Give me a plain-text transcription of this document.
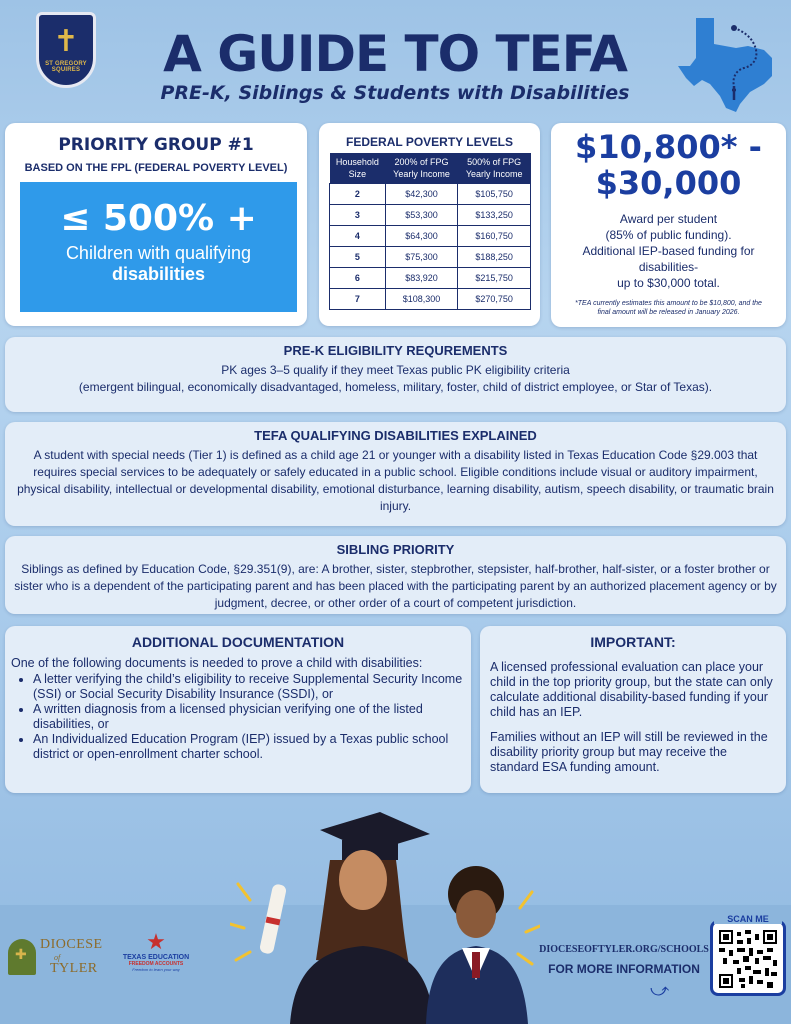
✝
ST GREGORY SQUIRES	A GUIDE TO TEFA
PRE-K, Siblings & Students with Disabilities
PRIORITY GROUP #1
BASED ON THE FPL (FEDERAL POVERTY LEVEL)
≤ 500% +
Children with qualifying
disabilities
FEDERAL POVERTY LEVELS
Household Size	200% of FPG Yearly Income	500% of FPG Yearly Income
2	$42,300	$105,750
3	$53,300	$133,250
4	$64,300	$160,750
5	$75,300	$188,250
6	$83,920	$215,750
7	$108,300	$270,750
$10,800* -
$30,000
Award per student
(85% of public funding).
Additional IEP-based funding for disabilities-
up to $30,000 total.
*TEA currently estimates this amount to be $10,800, and the final amount will be released in January 2026.
PRE-K ELIGIBILITY REQUREMENTS
PK ages 3–5 qualify if they meet Texas public PK eligibility criteria
(emergent bilingual, economically disadvantaged, homeless, military, foster, child of district employee, or Star of Texas).
TEFA QUALIFYING DISABILITIES EXPLAINED
A student with special needs (Tier 1) is defined as a child age 21 or younger with a disability listed in Texas Education Code §29.003 that requires special services to be adequately or safely educated in a public school. Eligible conditions include visual or auditory impairment, physical disability, intellectual or developmental disability, emotional disturbance, learning disability, autism, speech disability, or traumatic brain injury.
SIBLING PRIORITY
Siblings as defined by Education Code, §29.351(9), are: A brother, sister, stepbrother, stepsister, half-brother, half-sister, or a foster brother or sister who is a dependent of the participating parent and has been placed with the participating parent by an authorized placement agency or by judgment, decree, or other order of a court of competent jurisdiction.
ADDITIONAL DOCUMENTATION
One of the following documents is needed to prove a child with disabilities:
• A letter verifying the child’s eligibility to receive Supplemental Security Income (SSI) or Social Security Disability Insurance (SSDI), or
• A written diagnosis from a licensed physician verifying one of the listed disabilities, or
• An Individualized Education Program (IEP) issued by a Texas public school district or open-enrollment charter school.
IMPORTANT:
A licensed professional evaluation can place your child in the top priority group, but the state can only calculate additional disability-based funding if your child has an IEP.
Families without an IEP will still be reviewed in the disability priority group but may receive the standard ESA funding amount.
✚
DIOCESE
of
TYLER
★
TEXAS EDUCATION
FREEDOM ACCOUNTS
Freedom to learn your way
DIOCESEOFTYLER.ORG/SCHOOLS
FOR MORE INFORMATION
⤻
SCAN ME
